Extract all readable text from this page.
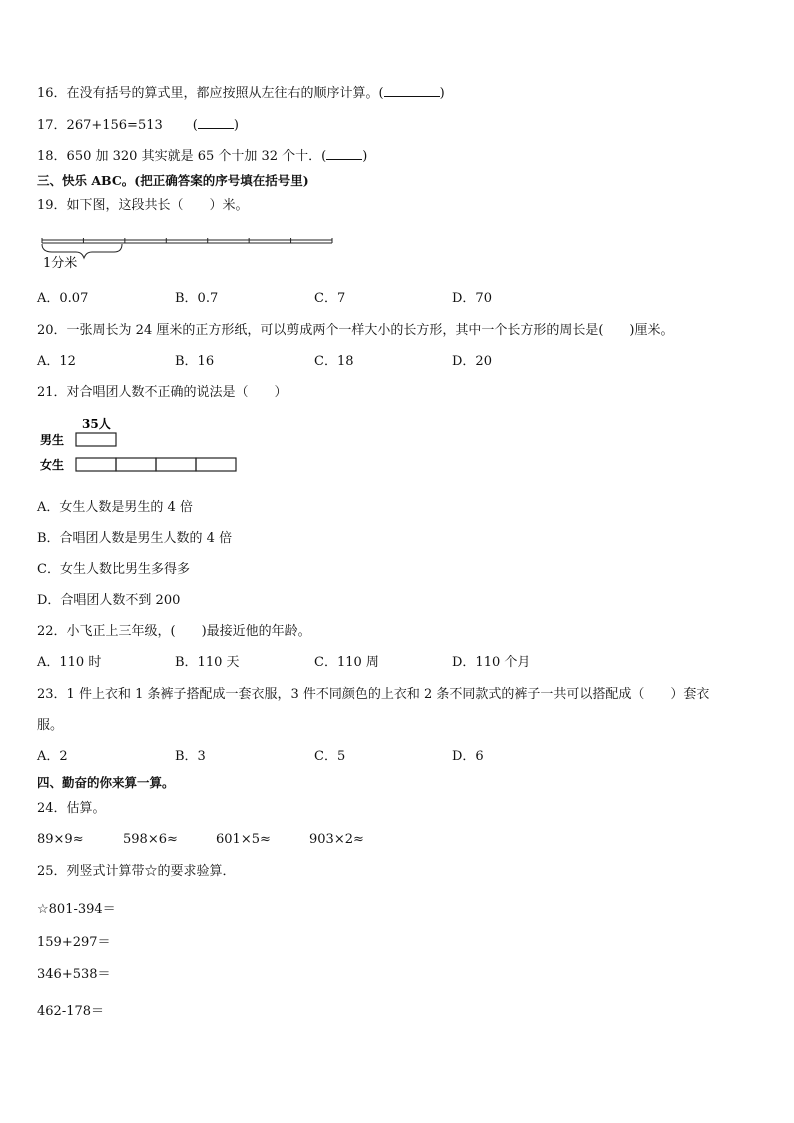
16．在没有括号的算式里，都应按照从左往右的顺序计算。(	)
17．267+156=513 (	)
18．650 加 320 其实就是 65 个十加 32 个十．(	)
三、快乐 ABC。(把正确答案的序号填在括号里)
19．如下图，这段共长（　　）米。
1分米
A．0.07	B．0.7	C．7	D．70
20．一张周长为 24 厘米的正方形纸，可以剪成两个一样大小的长方形，其中一个长方形的周长是(　　)厘米。
A．12	B．16	C．18	D．20
21．对合唱团人数不正确的说法是（　　）
35人
男生
女生
A．女生人数是男生的 4 倍
B．合唱团人数是男生人数的 4 倍
C．女生人数比男生多得多
D．合唱团人数不到 200
22．小飞正上三年级，(　　)最接近他的年龄。
A．110 时	B．110 天	C．110 周	D．110 个月
23．1 件上衣和 1 条裤子搭配成一套衣服，3 件不同颜色的上衣和 2 条不同款式的裤子一共可以搭配成（　　）套衣
服。
A．2	B．3	C．5	D．6
四、勤奋的你来算一算。
24．估算。
89×9≈	598×6≈	601×5≈	903×2≈
25．列竖式计算带☆的要求验算．
☆801-394＝
159+297＝
346+538＝
462-178＝
